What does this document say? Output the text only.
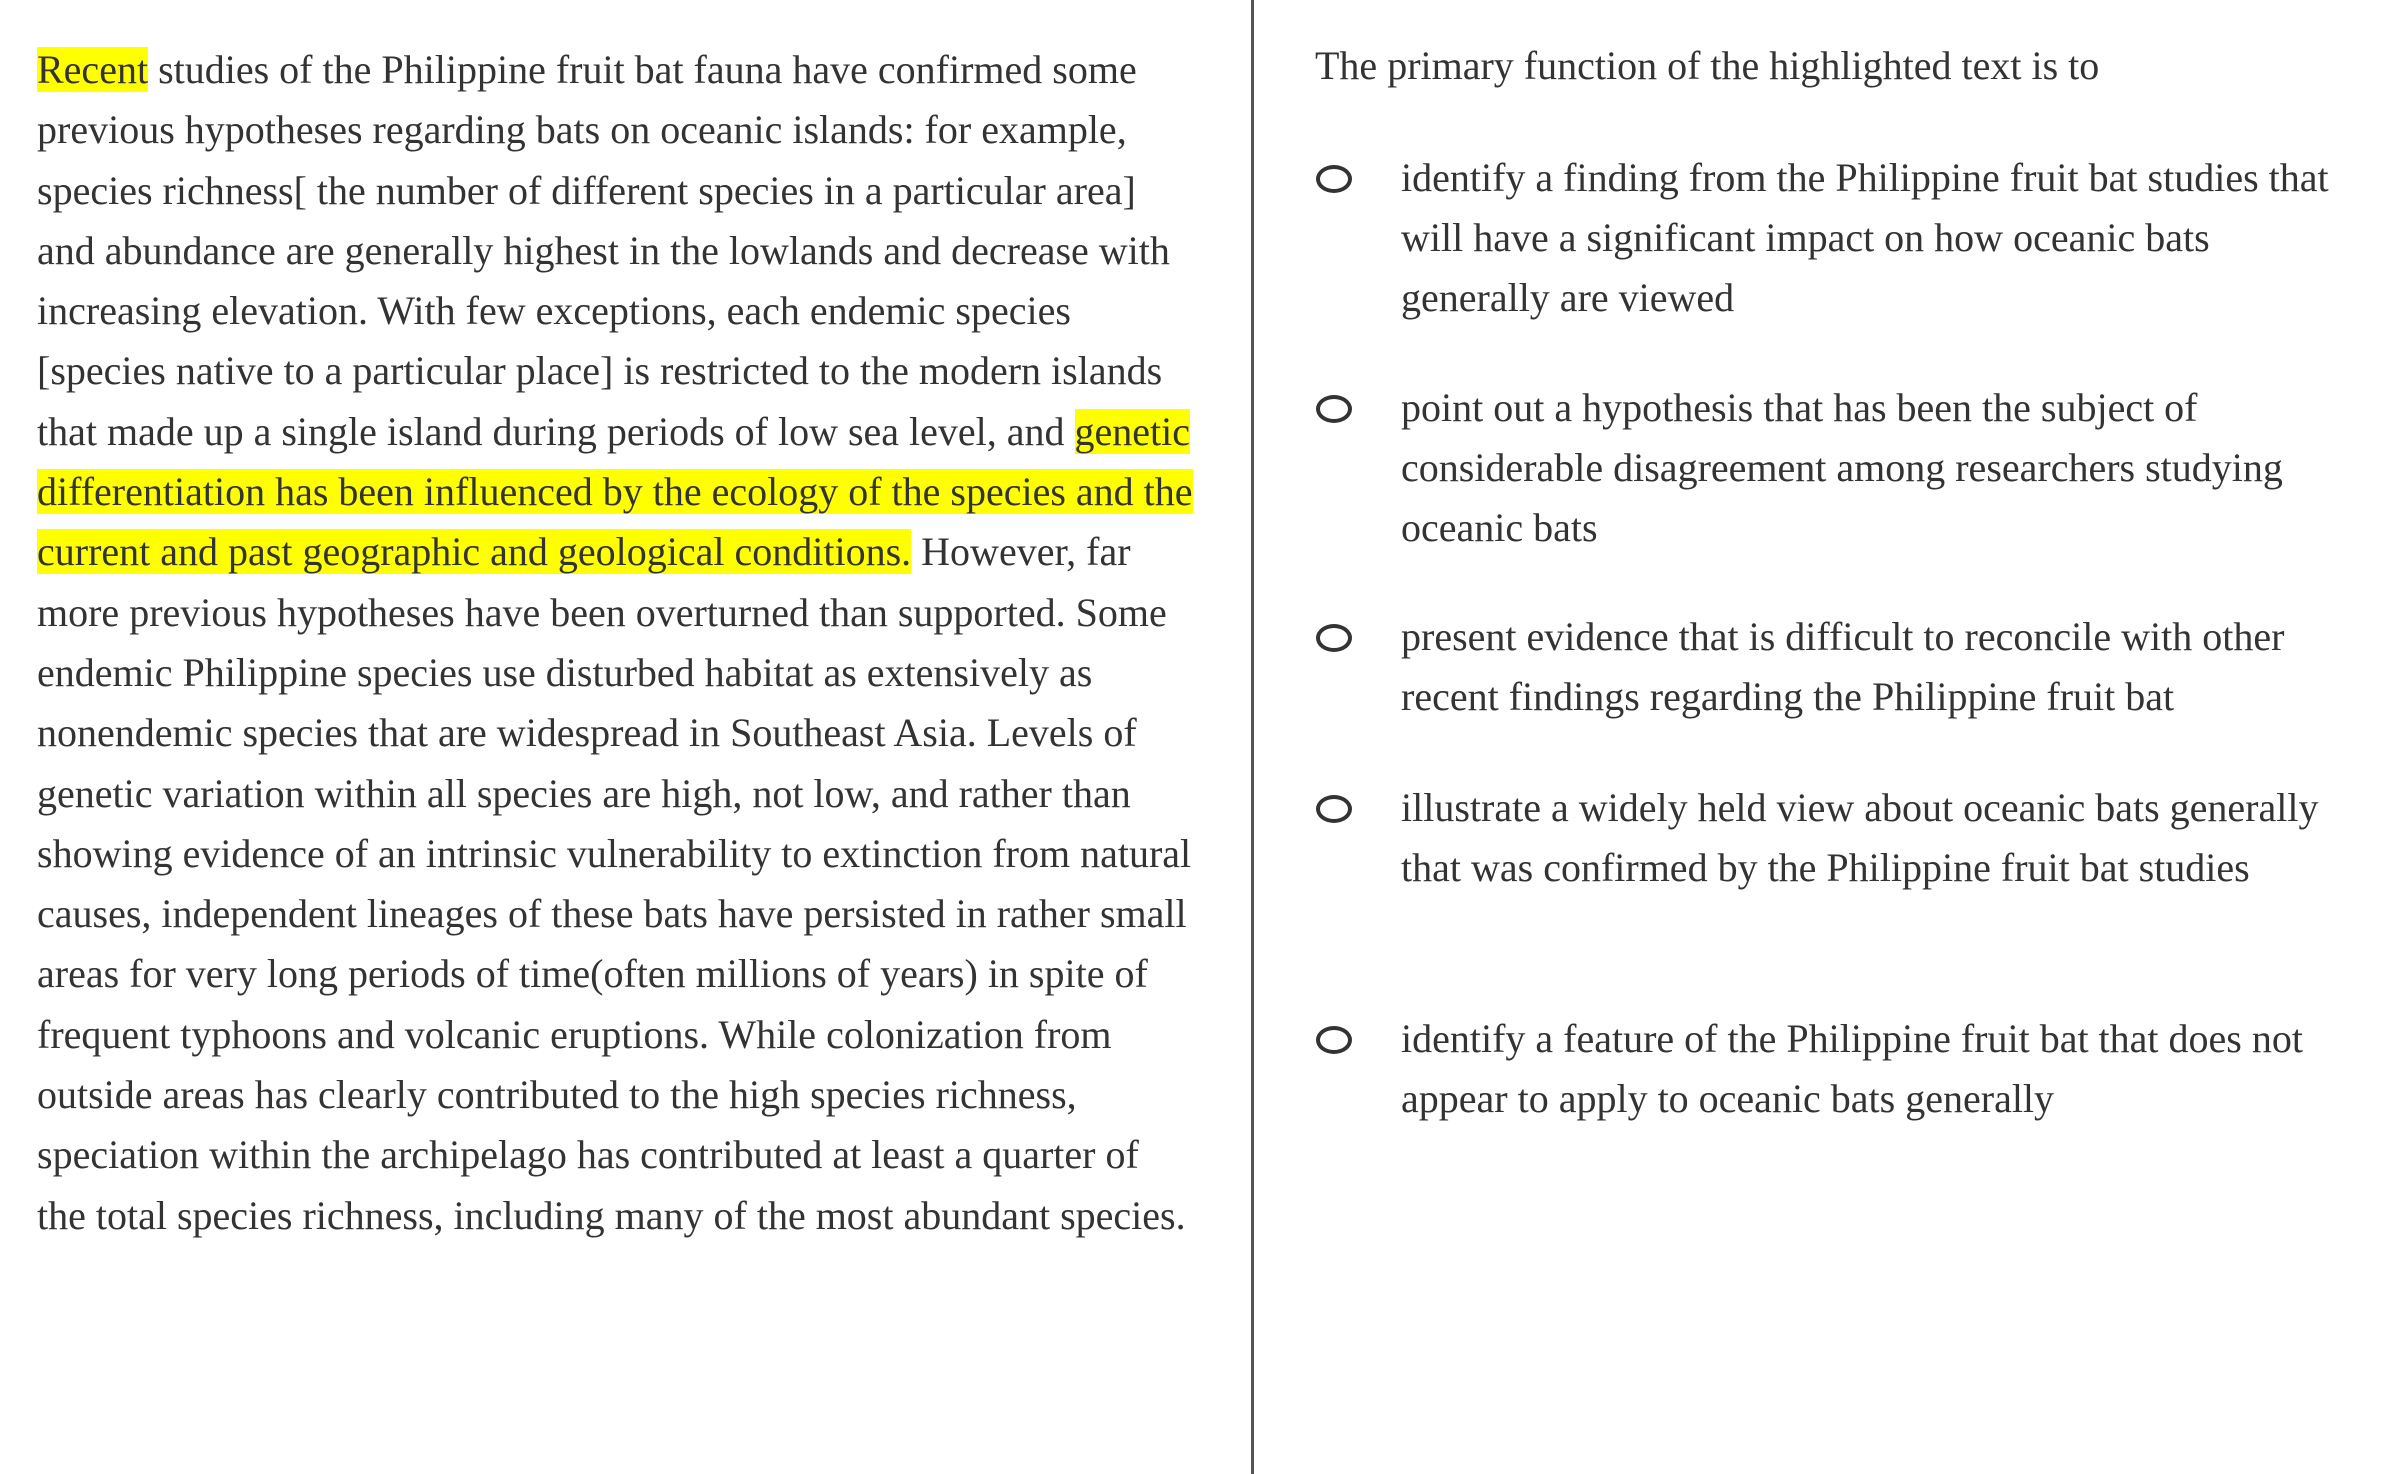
Recent studies of the Philippine fruit bat fauna have confirmed some previous hypotheses regarding bats on oceanic islands: for example, species richness[ the number of different species in a particular area] and abundance are generally highest in the lowlands and decrease with increasing elevation. With few exceptions, each endemic species [species native to a particular place] is restricted to the modern islands that made up a single island during periods of low sea level, and genetic differentiation has been influenced by the ecology of the species and the current and past geographic and geological conditions. However, far more previous hypotheses have been overturned than supported. Some endemic Philippine species use disturbed habitat as extensively as nonendemic species that are widespread in Southeast Asia. Levels of genetic variation within all species are high, not low, and rather than showing evidence of an intrinsic vulnerability to extinction from natural causes, independent lineages of these bats have persisted in rather small areas for very long periods of time(often millions of years) in spite of frequent typhoons and volcanic eruptions. While colonization from outside areas has clearly contributed to the high species richness, speciation within the archipelago has contributed at least a quarter of the total species richness, including many of the most abundant species.

The primary function of the highlighted text is to

identify a finding from the Philippine fruit bat studies that will have a significant impact on how oceanic bats generally are viewed
point out a hypothesis that has been the subject of considerable disagreement among researchers studying oceanic bats
present evidence that is difficult to reconcile with other recent findings regarding the Philippine fruit bat
illustrate a widely held view about oceanic bats generally that was confirmed by the Philippine fruit bat studies
identify a feature of the Philippine fruit bat that does not appear to apply to oceanic bats generally
